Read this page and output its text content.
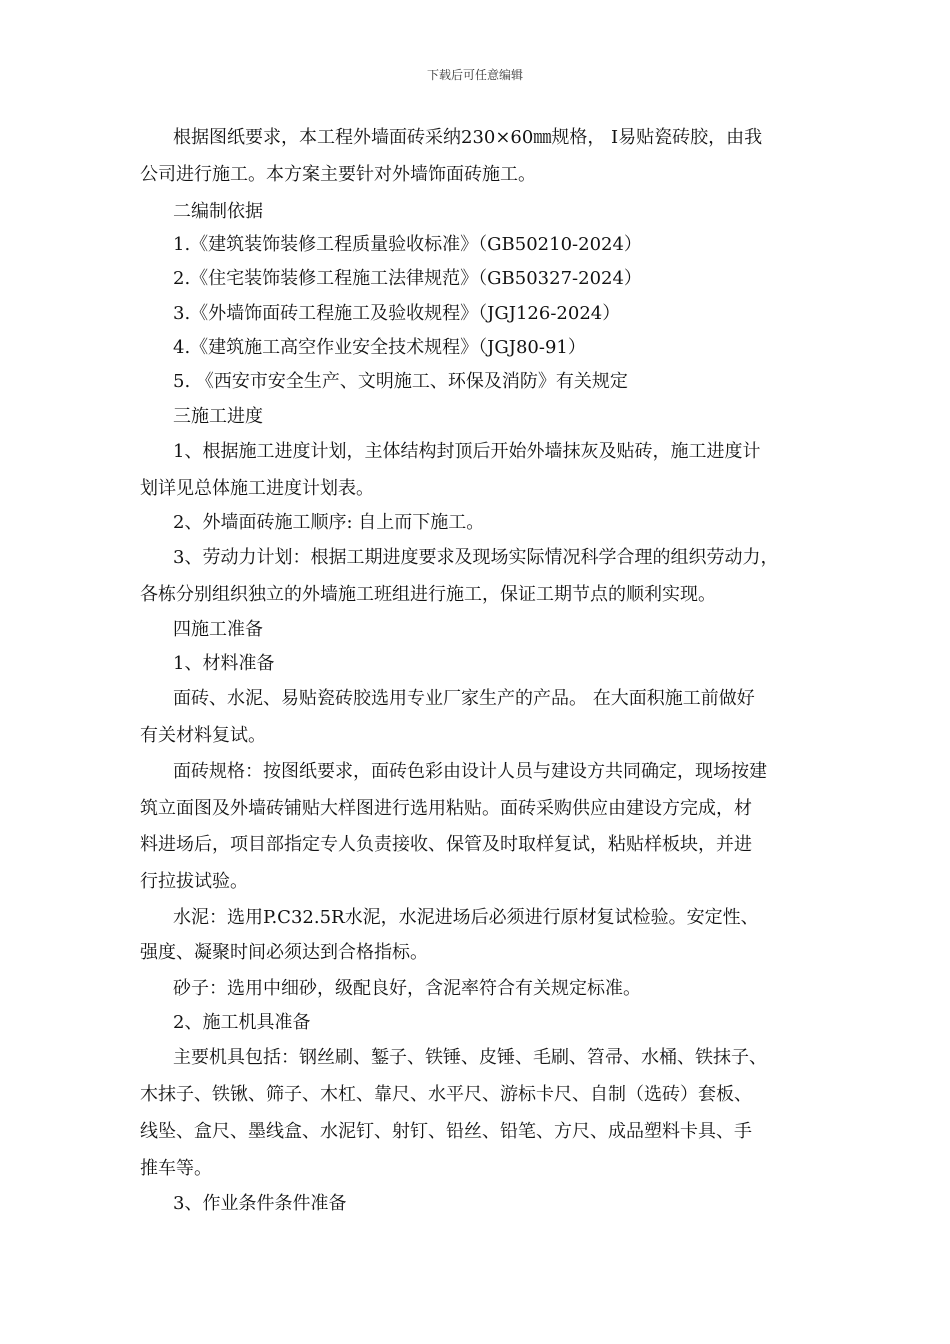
下载后可任意编辑
根据图纸要求，本工程外墙面砖采纳230×60㎜规格， Ⅰ易贴瓷砖胶，由我
公司进行施工。本方案主要针对外墙饰面砖施工。
二编制依据
1.《建筑装饰装修工程质量验收标准》（GB50210-2024）
2.《住宅装饰装修工程施工法律规范》（GB50327-2024）
3.《外墙饰面砖工程施工及验收规程》（JGJ126-2024）
4.《建筑施工高空作业安全技术规程》（JGJ80-91）
5. 《西安市安全生产、文明施工、环保及消防》有关规定
三施工进度
1、根据施工进度计划，主体结构封顶后开始外墙抹灰及贴砖，施工进度计
划详见总体施工进度计划表。
2、外墙面砖施工顺序: 自上而下施工。
3、劳动力计划：根据工期进度要求及现场实际情况科学合理的组织劳动力，
各栋分别组织独立的外墙施工班组进行施工，保证工期节点的顺利实现。
四施工准备
1、材料准备
面砖、水泥、易贴瓷砖胶选用专业厂家生产的产品。 在大面积施工前做好
有关材料复试。
面砖规格：按图纸要求，面砖色彩由设计人员与建设方共同确定，现场按建
筑立面图及外墙砖铺贴大样图进行选用粘贴。面砖采购供应由建设方完成，材
料进场后，项目部指定专人负责接收、保管及时取样复试，粘贴样板块，并进
行拉拔试验。
水泥：选用P.C32.5R水泥，水泥进场后必须进行原材复试检验。安定性、
强度、凝聚时间必须达到合格指标。
砂子：选用中细砂，级配良好，含泥率符合有关规定标准。
2、施工机具准备
主要机具包括：钢丝刷、錾子、铁锤、皮锤、毛刷、笤帚、水桶、铁抹子、
木抹子、铁锹、筛子、木杠、靠尺、水平尺、游标卡尺、自制（选砖）套板、
线坠、盒尺、墨线盒、水泥钉、射钉、铅丝、铅笔、方尺、成品塑料卡具、手
推车等。
3、作业条件条件准备
